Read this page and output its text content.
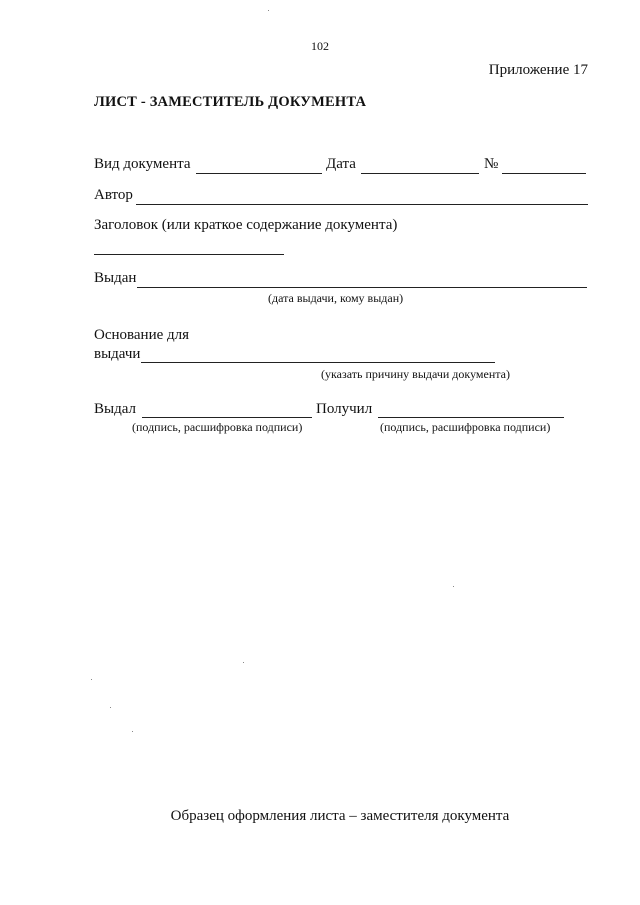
102
Приложение 17
ЛИСТ - ЗАМЕСТИТЕЛЬ ДОКУМЕНТА
Вид документа	Дата	№
Автор
Заголовок (или краткое содержание документа)
Выдан
(дата выдачи, кому выдан)
Основание для
выдачи
(указать причину выдачи документа)
Выдал	Получил
(подпись, расшифровка подписи)	(подпись, расшифровка подписи)
Образец оформления листа – заместителя документа
